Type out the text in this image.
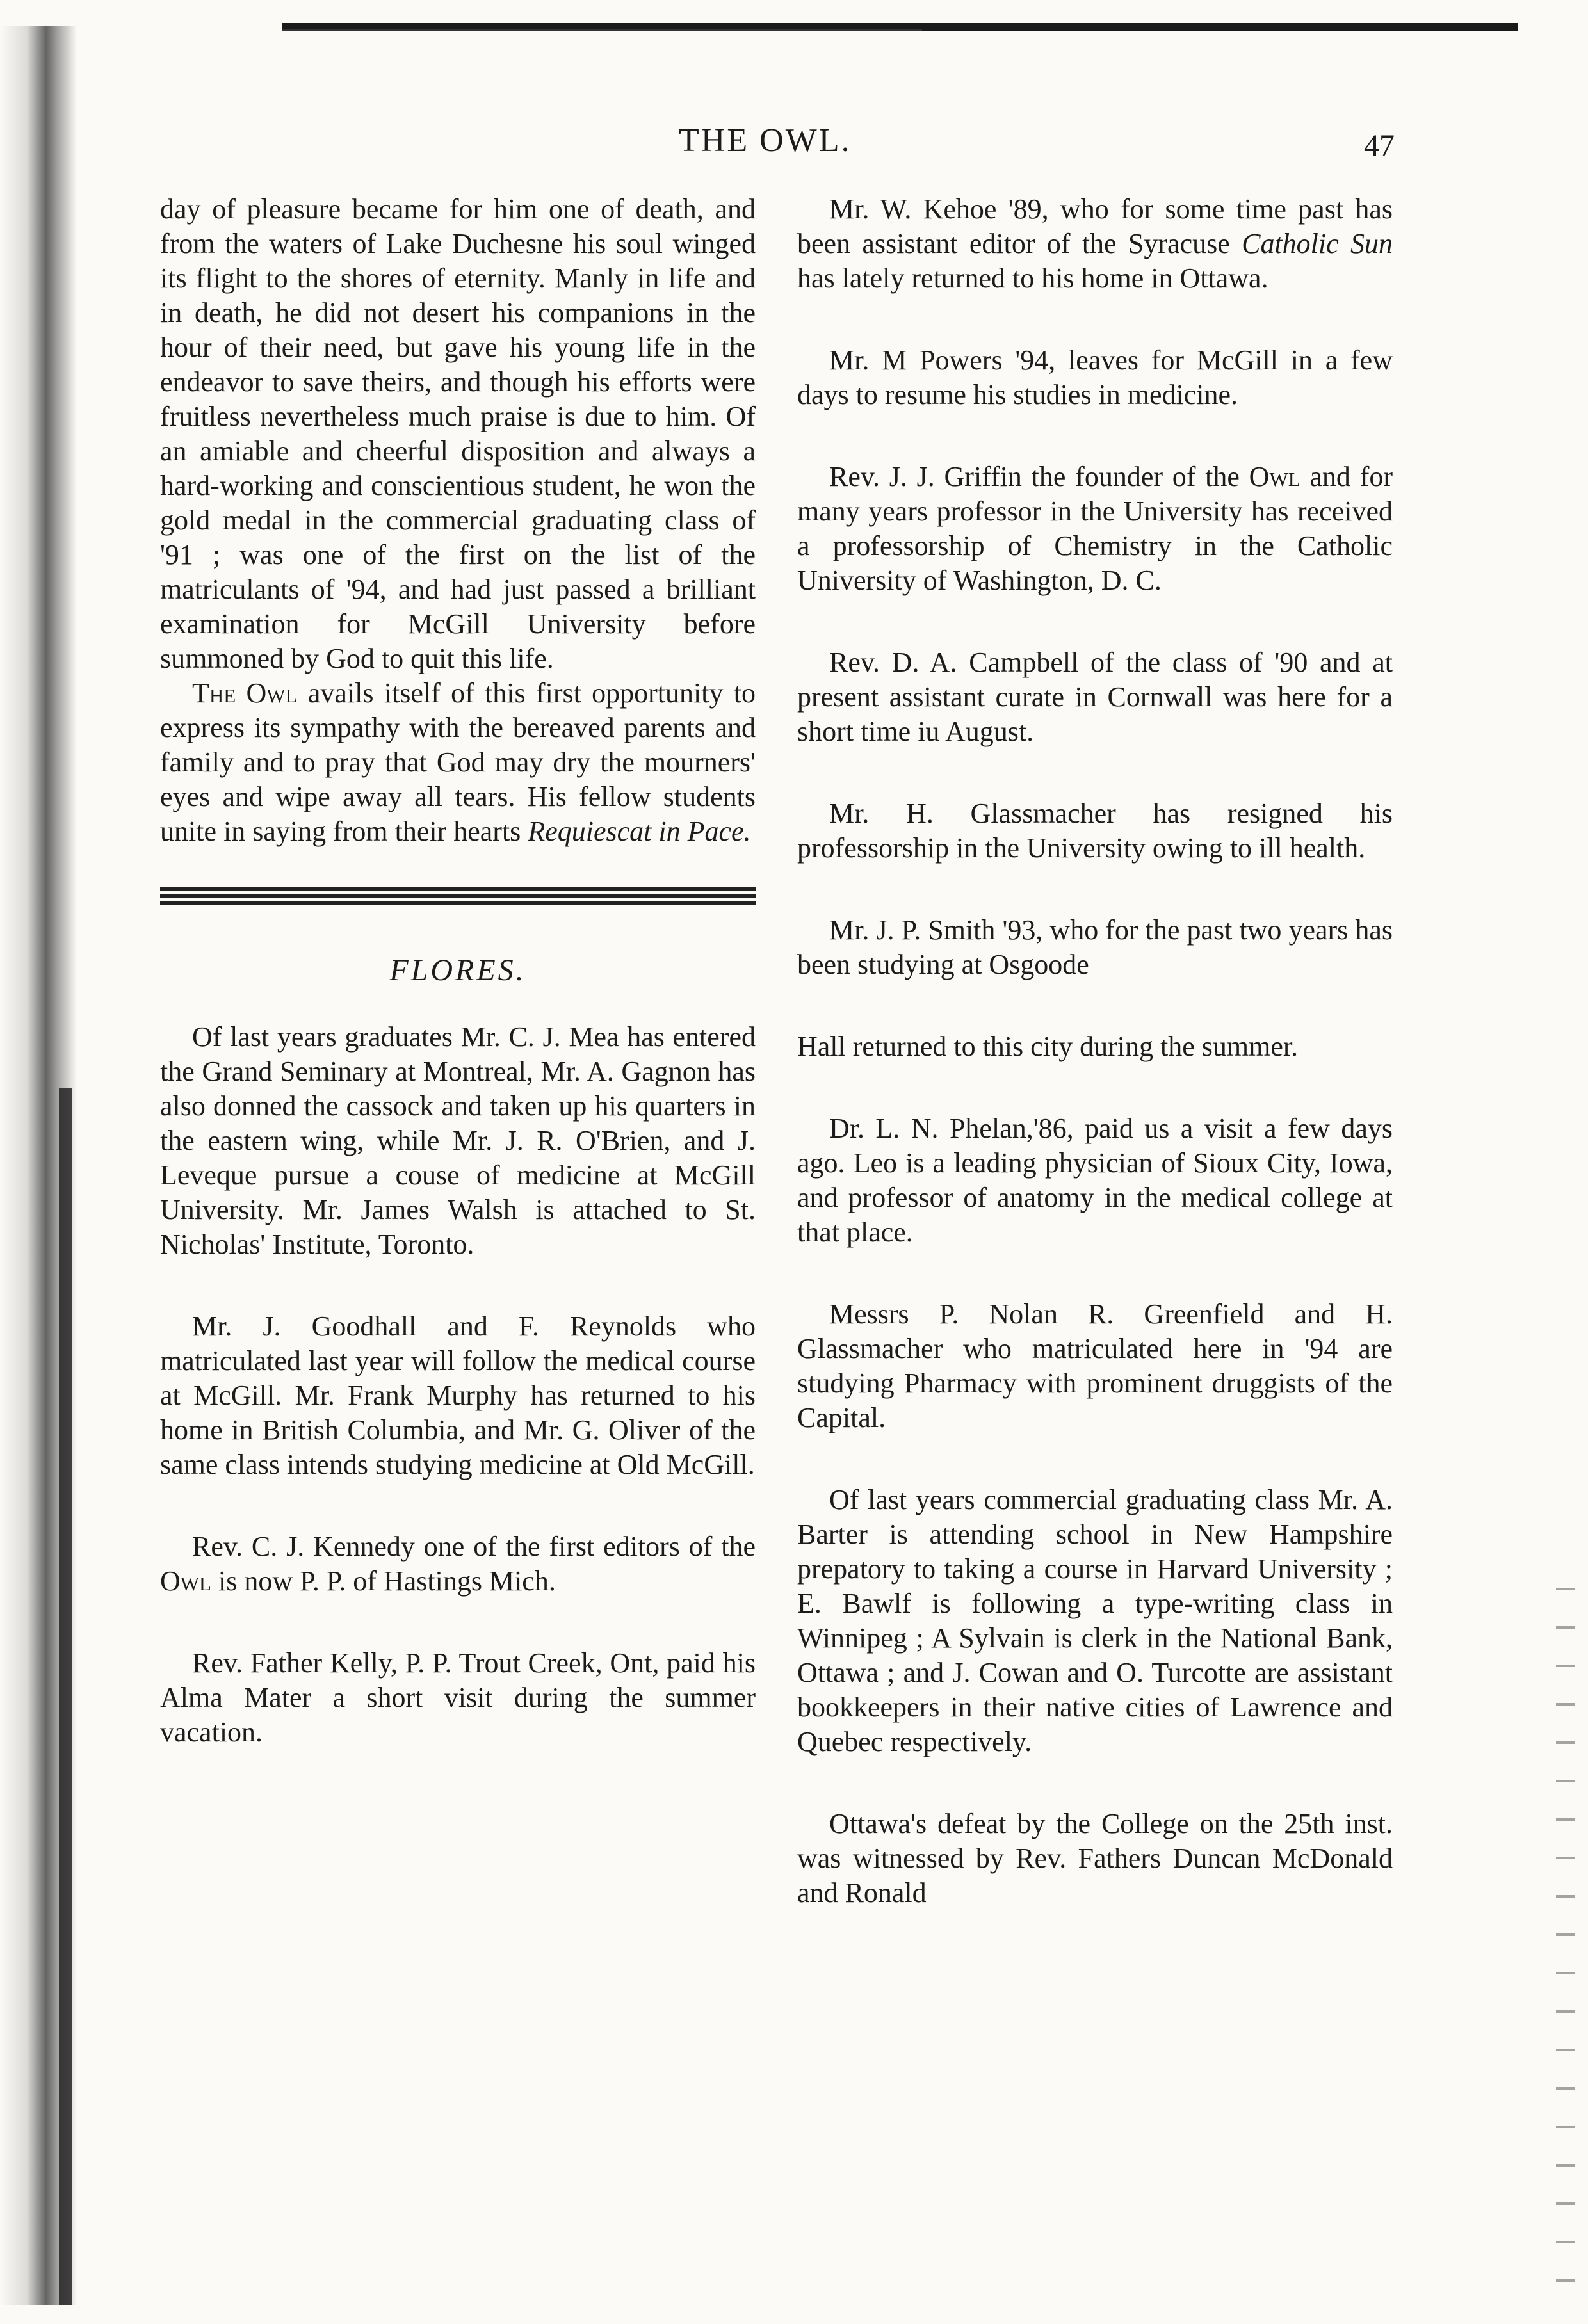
THE OWL.	47

day of pleasure became for him one of death, and from the waters of Lake Duchesne his soul winged its flight to the shores of eternity. Manly in life and in death, he did not desert his companions in the hour of their need, but gave his young life in the endeavor to save theirs, and though his efforts were fruitless nevertheless much praise is due to him. Of an amiable and cheerful disposition and always a hard-working and conscientious student, he won the gold medal in the commercial graduating class of '91 ; was one of the first on the list of the matriculants of '94, and had just passed a brilliant examination for McGill University before summoned by God to quit this life.

The Owl avails itself of this first opportunity to express its sympathy with the bereaved parents and family and to pray that God may dry the mourners' eyes and wipe away all tears. His fellow students unite in saying from their hearts Requiescat in Pace.

FLORES.

Of last years graduates Mr. C. J. Mea has entered the Grand Seminary at Montreal, Mr. A. Gagnon has also donned the cassock and taken up his quarters in the eastern wing, while Mr. J. R. O'Brien, and J. Leveque pursue a couse of medicine at McGill University. Mr. James Walsh is attached to St. Nicholas' Institute, Toronto.

Mr. J. Goodhall and F. Reynolds who matriculated last year will follow the medical course at McGill. Mr. Frank Murphy has returned to his home in British Columbia, and Mr. G. Oliver of the same class intends studying medicine at Old McGill.

Rev. C. J. Kennedy one of the first editors of the Owl is now P. P. of Hastings Mich.

Rev. Father Kelly, P. P. Trout Creek, Ont, paid his Alma Mater a short visit during the summer vacation.

Mr. W. Kehoe '89, who for some time past has been assistant editor of the Syracuse Catholic Sun has lately returned to his home in Ottawa.

Mr. M Powers '94, leaves for McGill in a few days to resume his studies in medicine.

Rev. J. J. Griffin the founder of the Owl and for many years professor in the University has received a professorship of Chemistry in the Catholic University of Washington, D. C.

Rev. D. A. Campbell of the class of '90 and at present assistant curate in Cornwall was here for a short time iu August.

Mr. H. Glassmacher has resigned his professorship in the University owing to ill health.

Mr. J. P. Smith '93, who for the past two years has been studying at Osgoode

Hall returned to this city during the summer.

Dr. L. N. Phelan,'86, paid us a visit a few days ago. Leo is a leading physician of Sioux City, Iowa, and professor of anatomy in the medical college at that place.

Messrs P. Nolan R. Greenfield and H. Glassmacher who matriculated here in '94 are studying Pharmacy with prominent druggists of the Capital.

Of last years commercial graduating class Mr. A. Barter is attending school in New Hampshire prepatory to taking a course in Harvard University ; E. Bawlf is following a type-writing class in Winnipeg ; A Sylvain is clerk in the National Bank, Ottawa ; and J. Cowan and O. Turcotte are assistant bookkeepers in their native cities of Lawrence and Quebec respectively.

Ottawa's defeat by the College on the 25th inst. was witnessed by Rev. Fathers Duncan McDonald and Ronald
